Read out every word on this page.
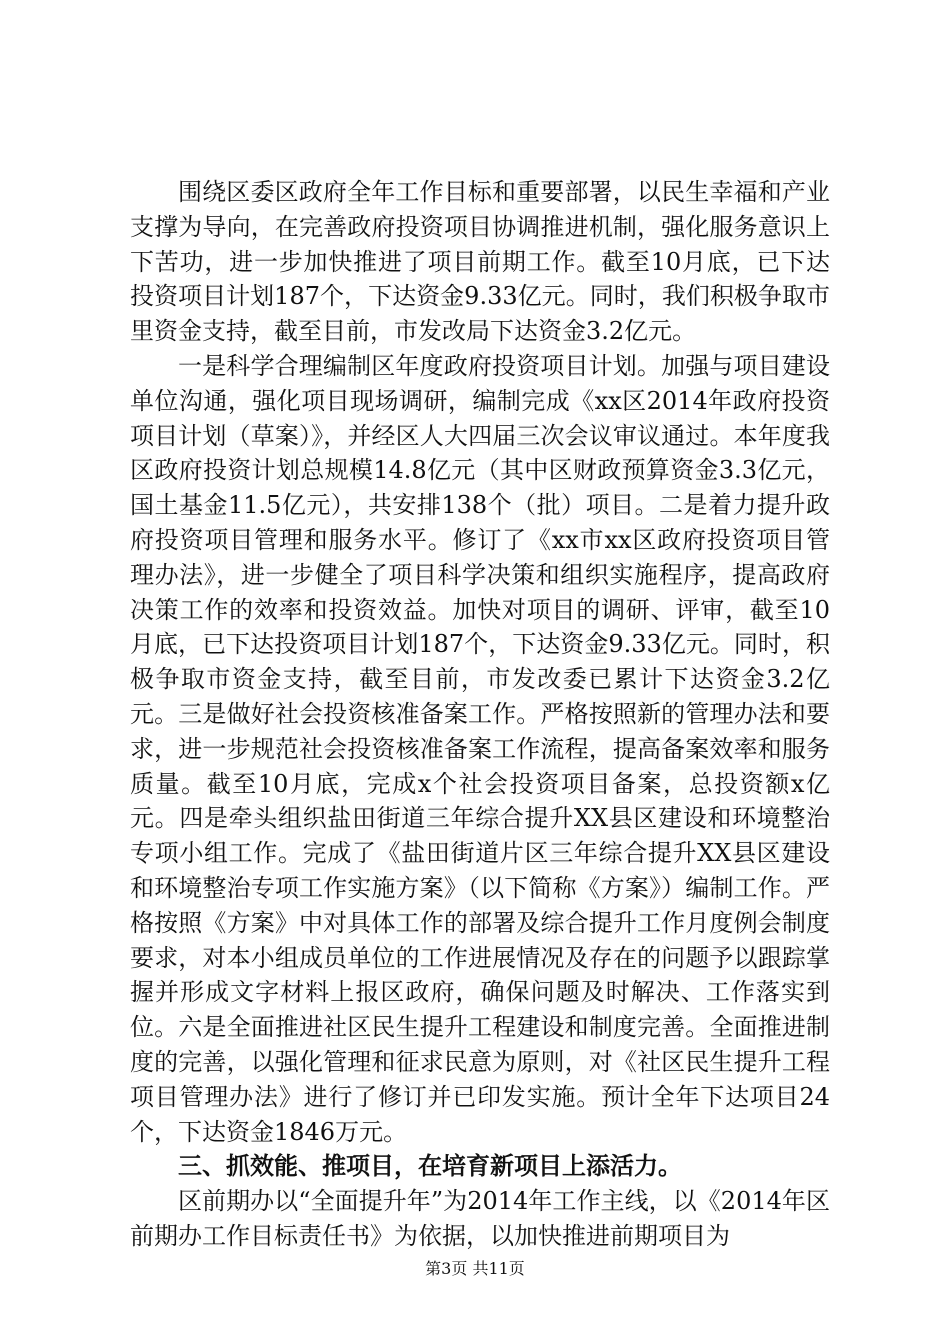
围绕区委区政府全年工作目标和重要部署，以民生幸福和产业支撑为导向，在完善政府投资项目协调推进机制，强化服务意识上下苦功，进一步加快推进了项目前期工作。截至10月底，已下达投资项目计划187个，下达资金9.33亿元。同时，我们积极争取市里资金支持，截至目前，市发改局下达资金3.2亿元。

一是科学合理编制区年度政府投资项目计划。加强与项目建设单位沟通，强化项目现场调研，编制完成《xx区2014年政府投资项目计划（草案）》，并经区人大四届三次会议审议通过。本年度我区政府投资计划总规模14.8亿元（其中区财政预算资金3.3亿元，国土基金11.5亿元），共安排138个（批）项目。二是着力提升政府投资项目管理和服务水平。修订了《xx市xx区政府投资项目管理办法》，进一步健全了项目科学决策和组织实施程序，提高政府决策工作的效率和投资效益。加快对项目的调研、评审，截至10月底，已下达投资项目计划187个，下达资金9.33亿元。同时，积极争取市资金支持，截至目前，市发改委已累计下达资金3.2亿元。三是做好社会投资核准备案工作。严格按照新的管理办法和要求，进一步规范社会投资核准备案工作流程，提高备案效率和服务质量。截至10月底，完成x个社会投资项目备案，总投资额x亿元。四是牵头组织盐田街道三年综合提升XX县区建设和环境整治专项小组工作。完成了《盐田街道片区三年综合提升XX县区建设和环境整治专项工作实施方案》（以下简称《方案》）编制工作。严格按照《方案》中对具体工作的部署及综合提升工作月度例会制度要求，对本小组成员单位的工作进展情况及存在的问题予以跟踪掌握并形成文字材料上报区政府，确保问题及时解决、工作落实到位。六是全面推进社区民生提升工程建设和制度完善。全面推进制度的完善，以强化管理和征求民意为原则，对《社区民生提升工程项目管理办法》进行了修订并已印发实施。预计全年下达项目24个，下达资金1846万元。

三、抓效能、推项目，在培育新项目上添活力。

区前期办以“全面提升年”为2014年工作主线，以《2014年区前期办工作目标责任书》为依据，以加快推进前期项目为

第3页 共11页
